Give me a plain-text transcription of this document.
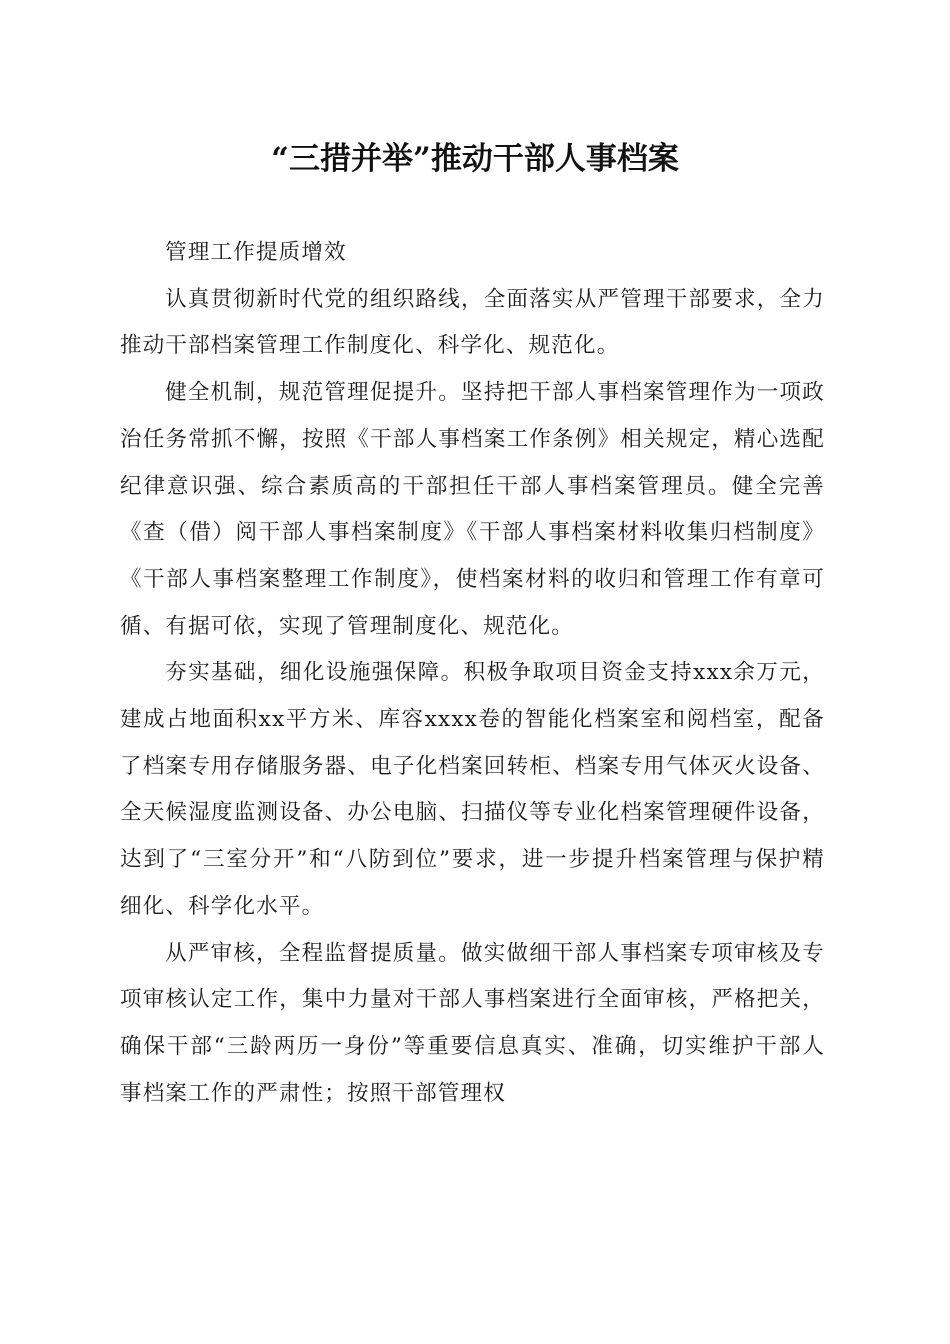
“三措并举”推动干部人事档案

管理工作提质增效

认真贯彻新时代党的组织路线，全面落实从严管理干部要求，全力推动干部档案管理工作制度化、科学化、规范化。

健全机制，规范管理促提升。坚持把干部人事档案管理作为一项政治任务常抓不懈，按照《干部人事档案工作条例》相关规定，精心选配纪律意识强、综合素质高的干部担任干部人事档案管理员。健全完善《查（借）阅干部人事档案制度》《干部人事档案材料收集归档制度》《干部人事档案整理工作制度》，使档案材料的收归和管理工作有章可循、有据可依，实现了管理制度化、规范化。

夯实基础，细化设施强保障。积极争取项目资金支持xxx余万元，建成占地面积xx平方米、库容xxxx卷的智能化档案室和阅档室，配备了档案专用存储服务器、电子化档案回转柜、档案专用气体灭火设备、全天候湿度监测设备、办公电脑、扫描仪等专业化档案管理硬件设备，达到了“三室分开”和“八防到位”要求，进一步提升档案管理与保护精细化、科学化水平。

从严审核，全程监督提质量。做实做细干部人事档案专项审核及专项审核认定工作，集中力量对干部人事档案进行全面审核，严格把关，确保干部“三龄两历一身份”等重要信息真实、准确，切实维护干部人事档案工作的严肃性；按照干部管理权
